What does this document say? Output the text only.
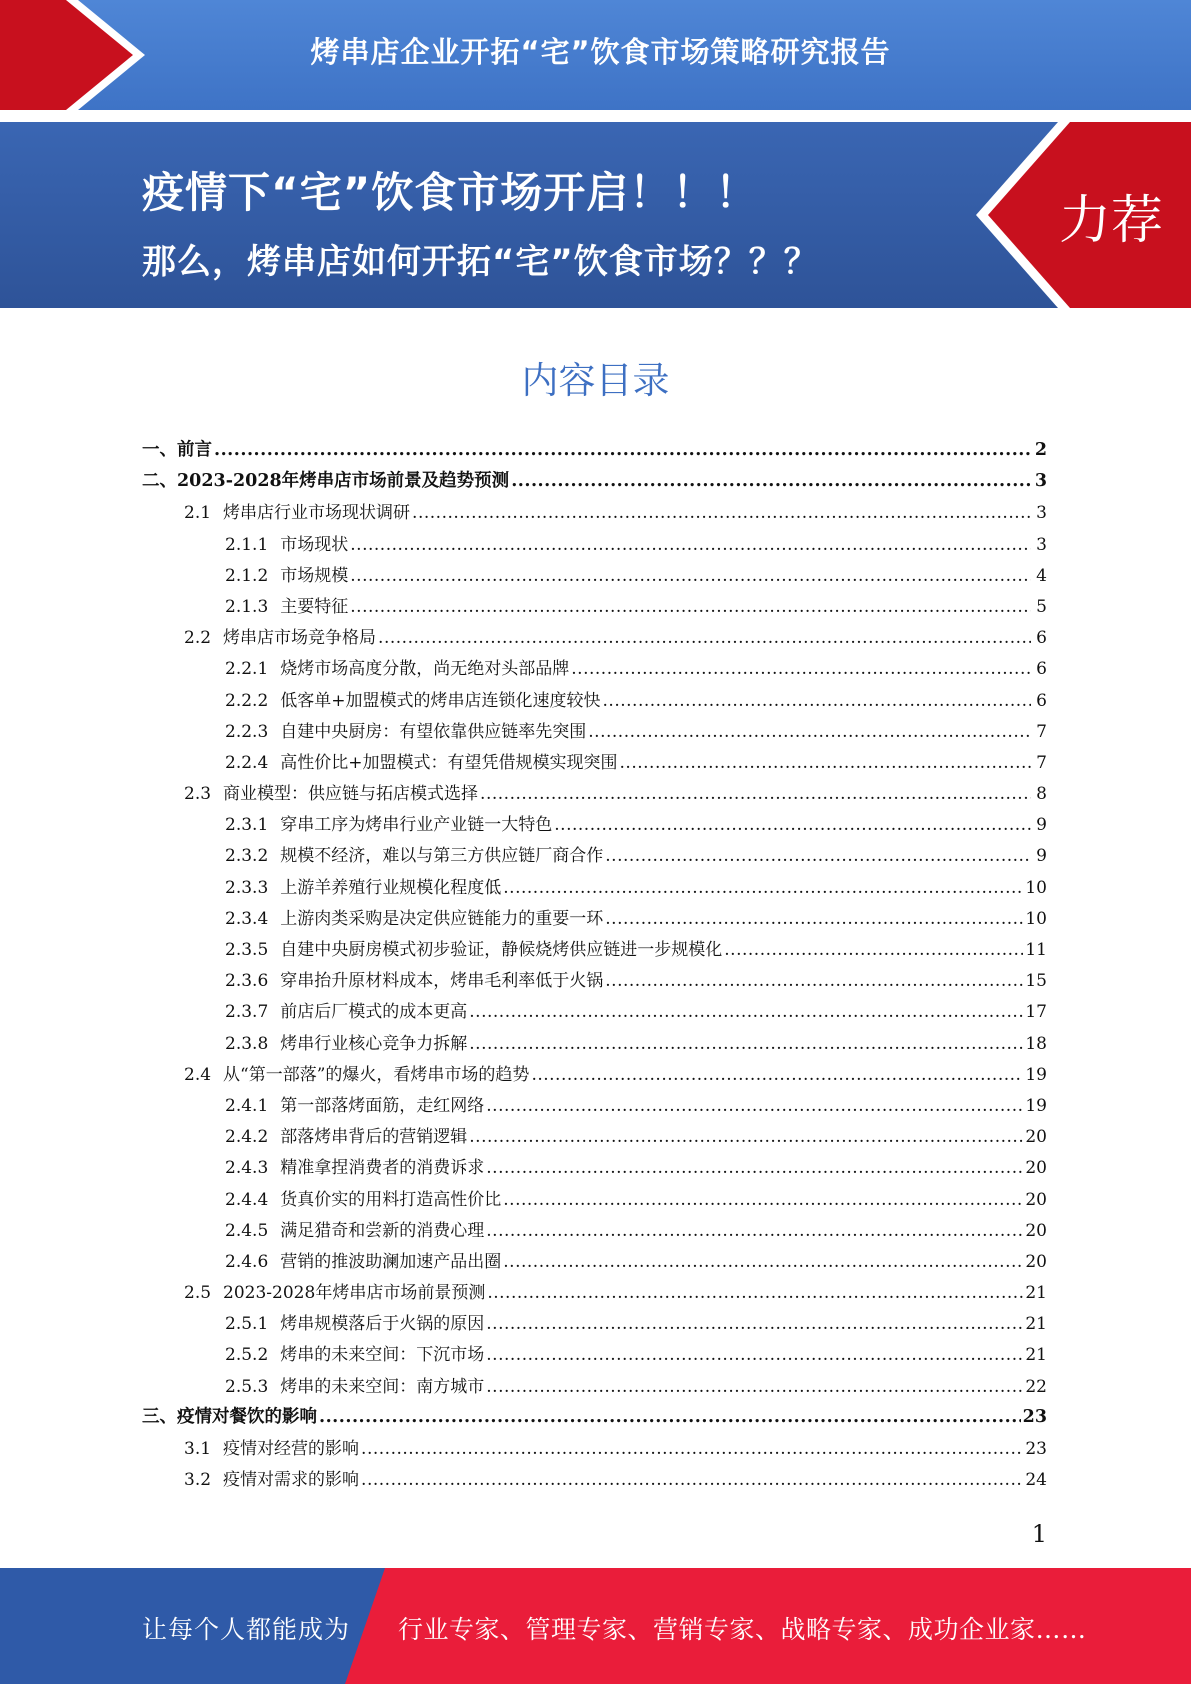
烤串店企业开拓“宅”饮食市场策略研究报告
疫情下“宅”饮食市场开启！！！
那么，烤串店如何开拓“宅”饮食市场？？？
力荐
内容目录
一、 前言 .....	2
二、 2023-2028年烤串店市场前景及趋势预测 .....	3
2.1 烤串店行业市场现状调研 .....	3
2.1.1 市场现状 .....	3
2.1.2 市场规模 .....	4
2.1.3 主要特征 .....	5
2.2 烤串店市场竞争格局 .....	6
2.2.1 烧烤市场高度分散，尚无绝对头部品牌 .....	6
2.2.2 低客单+加盟模式的烤串店连锁化速度较快 .....	6
2.2.3 自建中央厨房：有望依靠供应链率先突围 .....	7
2.2.4 高性价比+加盟模式：有望凭借规模实现突围 .....	7
2.3 商业模型：供应链与拓店模式选择 .....	8
2.3.1 穿串工序为烤串行业产业链一大特色 .....	9
2.3.2 规模不经济，难以与第三方供应链厂商合作 .....	9
2.3.3 上游羊养殖行业规模化程度低 .....	10
2.3.4 上游肉类采购是决定供应链能力的重要一环 .....	10
2.3.5 自建中央厨房模式初步验证，静候烧烤供应链进一步规模化 .....	11
2.3.6 穿串抬升原材料成本，烤串毛利率低于火锅 .....	15
2.3.7 前店后厂模式的成本更高 .....	17
2.3.8 烤串行业核心竞争力拆解 .....	18
2.4 从“第一部落”的爆火，看烤串市场的趋势 .....	19
2.4.1 第一部落烤面筋，走红网络 .....	19
2.4.2 部落烤串背后的营销逻辑 .....	20
2.4.3 精准拿捏消费者的消费诉求 .....	20
2.4.4 货真价实的用料打造高性价比 .....	20
2.4.5 满足猎奇和尝新的消费心理 .....	20
2.4.6 营销的推波助澜加速产品出圈 .....	20
2.5 2023-2028年烤串店市场前景预测 .....	21
2.5.1 烤串规模落后于火锅的原因 .....	21
2.5.2 烤串的未来空间：下沉市场 .....	21
2.5.3 烤串的未来空间：南方城市 .....	22
三、 疫情对餐饮的影响 .....	23
3.1 疫情对经营的影响 .....	23
3.2 疫情对需求的影响 .....	24
1
让每个人都能成为 行业专家、管理专家、营销专家、战略专家、成功企业家……
